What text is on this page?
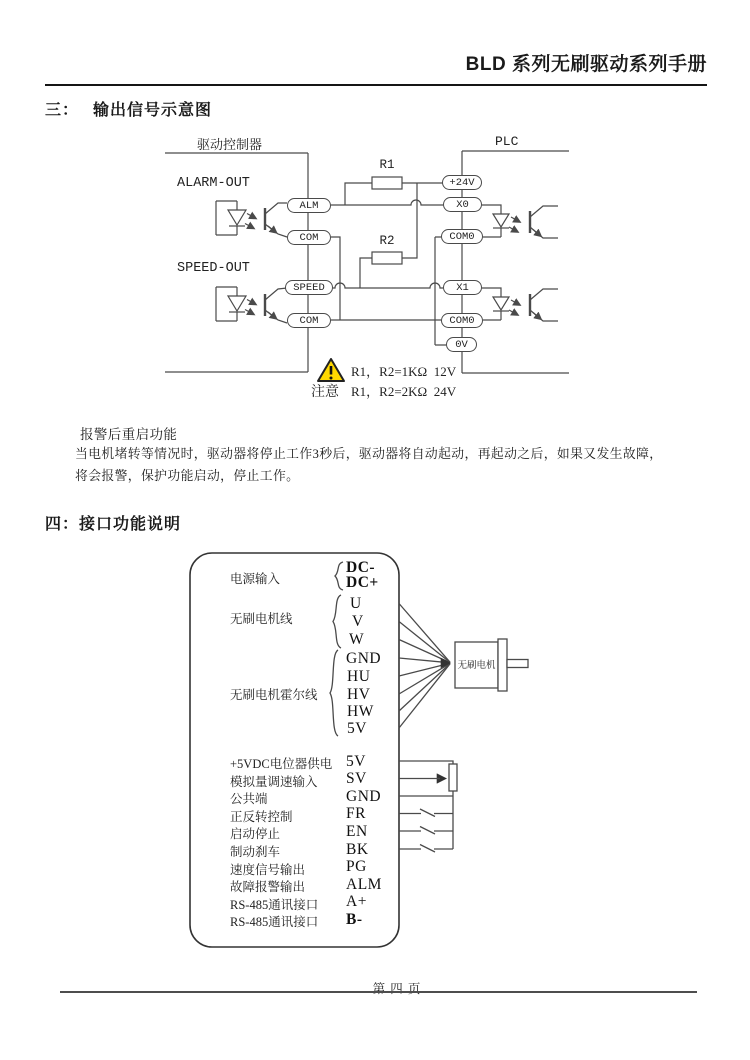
BLD 系列无刷驱动系列手册
三： 输出信号示意图
驱动控制器	PLC
ALARM-OUT
SPEED-OUT
R1
R2
ALM
COM
SPEED
COM
+24V
X0
COM0
X1
COM0
0V
注意
R1，R2=1KΩ  12V
R1，R2=2KΩ  24V
报警后重启功能
当电机堵转等情况时，驱动器将停止工作3秒后，驱动器将自动起动，再起动之后，如果又发生故障，
将会报警，保护功能启动，停止工作。
四：接口功能说明
电源输入
DC-
DC+
无刷电机线
U
V
W
无刷电机霍尔线
GND
HU
HV
HW
5V
+5VDC电位器供电 5V
模拟量调速输入 SV
公共端	GND
正反转控制	FR
启动停止	EN
制动刹车	BK
速度信号输出	PG
故障报警输出	ALM
RS-485通讯接口 A+
RS-485通讯接口 B-
无刷电机
第 四 页
